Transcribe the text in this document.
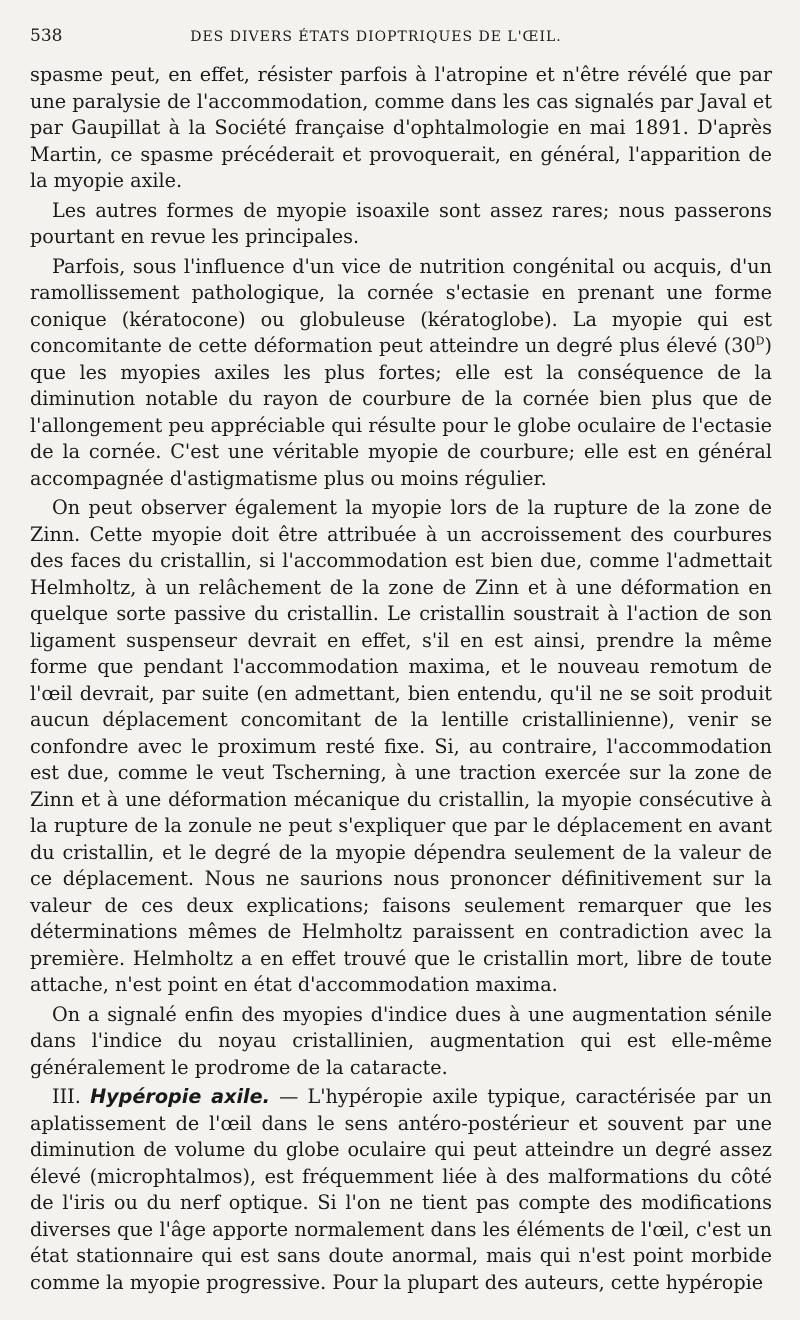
538	DES DIVERS ÉTATS DIOPTRIQUES DE L'ŒIL.

spasme peut, en effet, résister parfois à l'atropine et n'être révélé que par une paralysie de l'accommodation, comme dans les cas signalés par Javal et par Gaupillat à la Société française d'ophtalmologie en mai 1891. D'après Martin, ce spasme précéderait et provoquerait, en général, l'apparition de la myopie axile.

Les autres formes de myopie isoaxile sont assez rares; nous passerons pourtant en revue les principales.

Parfois, sous l'influence d'un vice de nutrition congénital ou acquis, d'un ramollissement pathologique, la cornée s'ectasie en prenant une forme conique (kératocone) ou globuleuse (kératoglobe). La myopie qui est concomitante de cette déformation peut atteindre un degré plus élevé $(30^D)$ que les myopies axiles les plus fortes; elle est la conséquence de la diminution notable du rayon de courbure de la cornée bien plus que de l'allongement peu appréciable qui résulte pour le globe oculaire de l'ectasie de la cornée. C'est une véritable myopie de courbure; elle est en général accompagnée d'astigmatisme plus ou moins régulier.

On peut observer également la myopie lors de la rupture de la zone de Zinn. Cette myopie doit être attribuée à un accroissement des courbures des faces du cristallin, si l'accommodation est bien due, comme l'admettait Helmholtz, à un relâchement de la zone de Zinn et à une déformation en quelque sorte passive du cristallin. Le cristallin soustrait à l'action de son ligament suspenseur devrait en effet, s'il en est ainsi, prendre la même forme que pendant l'accommodation maxima, et le nouveau remotum de l'œil devrait, par suite (en admettant, bien entendu, qu'il ne se soit produit aucun déplacement concomitant de la lentille cristallinienne), venir se confondre avec le proximum resté fixe. Si, au contraire, l'accommodation est due, comme le veut Tscherning, à une traction exercée sur la zone de Zinn et à une déformation mécanique du cristallin, la myopie consécutive à la rupture de la zonule ne peut s'expliquer que par le déplacement en avant du cristallin, et le degré de la myopie dépendra seulement de la valeur de ce déplacement. Nous ne saurions nous prononcer définitivement sur la valeur de ces deux explications; faisons seulement remarquer que les déterminations mêmes de Helmholtz paraissent en contradiction avec la première. Helmholtz a en effet trouvé que le cristallin mort, libre de toute attache, n'est point en état d'accommodation maxima.

On a signalé enfin des myopies d'indice dues à une augmentation sénile dans l'indice du noyau cristallinien, augmentation qui est elle-même généralement le prodrome de la cataracte.

III. Hypéropie axile. — L'hypéropie axile typique, caractérisée par un aplatissement de l'œil dans le sens antéro-postérieur et souvent par une diminution de volume du globe oculaire qui peut atteindre un degré assez élevé (microphtalmos), est fréquemment liée à des malformations du côté de l'iris ou du nerf optique. Si l'on ne tient pas compte des modifications diverses que l'âge apporte normalement dans les éléments de l'œil, c'est un état stationnaire qui est sans doute anormal, mais qui n'est point morbide comme la myopie progressive. Pour la plupart des auteurs, cette hypéropie
